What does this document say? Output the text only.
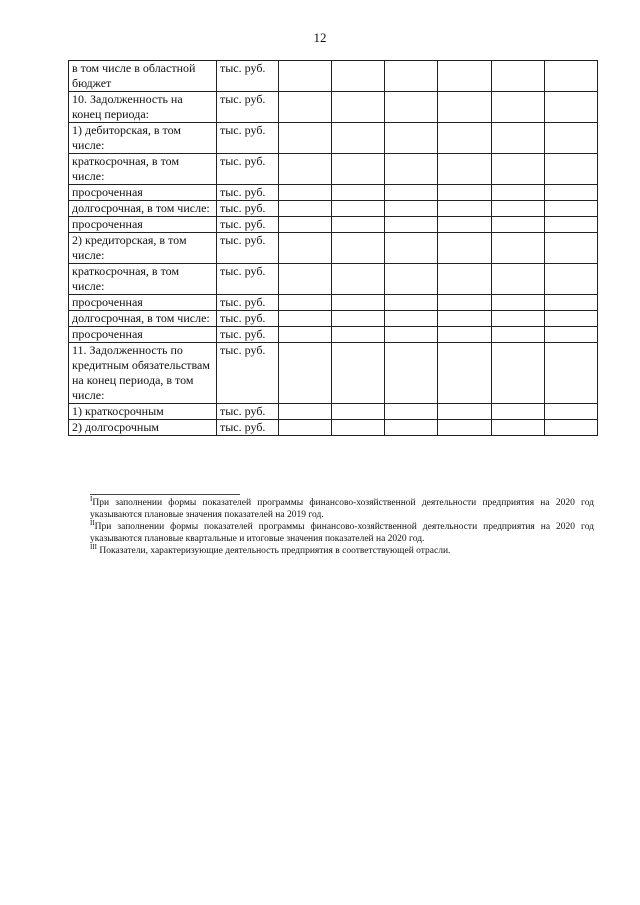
12
в том числе в областной бюджет	тыс. руб.						
10. Задолженность на конец периода:	тыс. руб.						
1) дебиторская, в том числе:	тыс. руб.						
краткосрочная, в том числе:	тыс. руб.						
просроченная	тыс. руб.						
долгосрочная, в том числе:	тыс. руб.						
просроченная	тыс. руб.						
2) кредиторская, в том числе:	тыс. руб.						
краткосрочная, в том числе:	тыс. руб.						
просроченная	тыс. руб.						
долгосрочная, в том числе:	тыс. руб.						
просроченная	тыс. руб.						
11. Задолженность по кредитным обязательствам на конец периода, в том числе:	тыс. руб.						
1) краткосрочным	тыс. руб.						
2) долгосрочным	тыс. руб.						

$^I$При заполнении формы показателей программы финансово-хозяйственной деятельности предприятия на 2020 год указываются плановые значения показателей на 2019 год.

$^{II}$При заполнении формы показателей программы финансово-хозяйственной деятельности предприятия на 2020 год указываются плановые квартальные и итоговые значения показателей на 2020 год.

$^{III}$ Показатели, характеризующие деятельность предприятия в соответствующей отрасли.
